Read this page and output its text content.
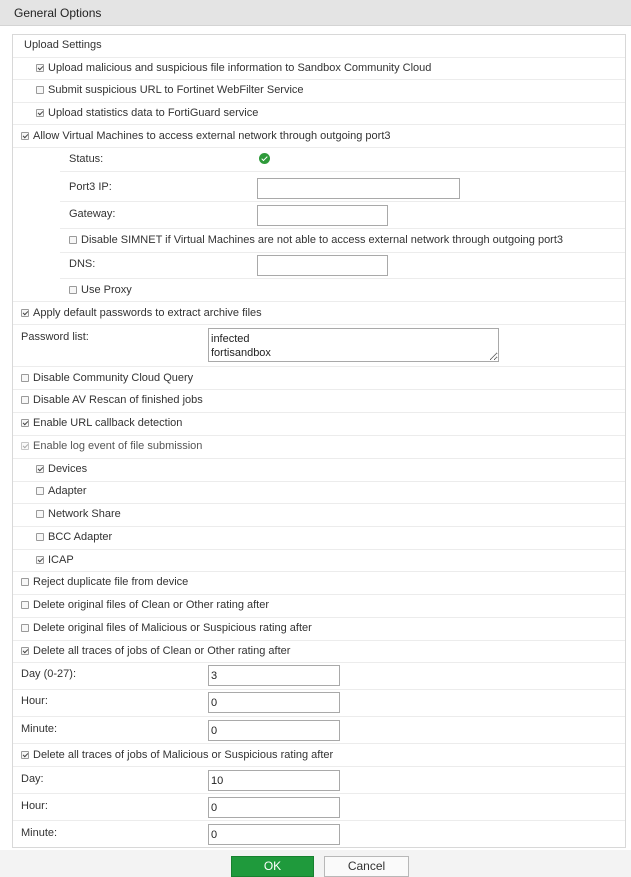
General Options
Upload Settings
Upload malicious and suspicious file information to Sandbox Community Cloud
Submit suspicious URL to Fortinet WebFilter Service
Upload statistics data to FortiGuard service
Allow Virtual Machines to access external network through outgoing port3
Status:
Port3 IP:
Gateway:
Disable SIMNET if Virtual Machines are not able to access external network through outgoing port3
DNS:
Use Proxy
Apply default passwords to extract archive files
Password list:
infected fortisandbox
Disable Community Cloud Query
Disable AV Rescan of finished jobs
Enable URL callback detection
Enable log event of file submission
Devices
Adapter
Network Share
BCC Adapter
ICAP
Reject duplicate file from device
Delete original files of Clean or Other rating after
Delete original files of Malicious or Suspicious rating after
Delete all traces of jobs of Clean or Other rating after
Day (0-27):
3
Hour:
0
Minute:
0
Delete all traces of jobs of Malicious or Suspicious rating after
Day:
10
Hour:
0
Minute:
0
OK	Cancel
